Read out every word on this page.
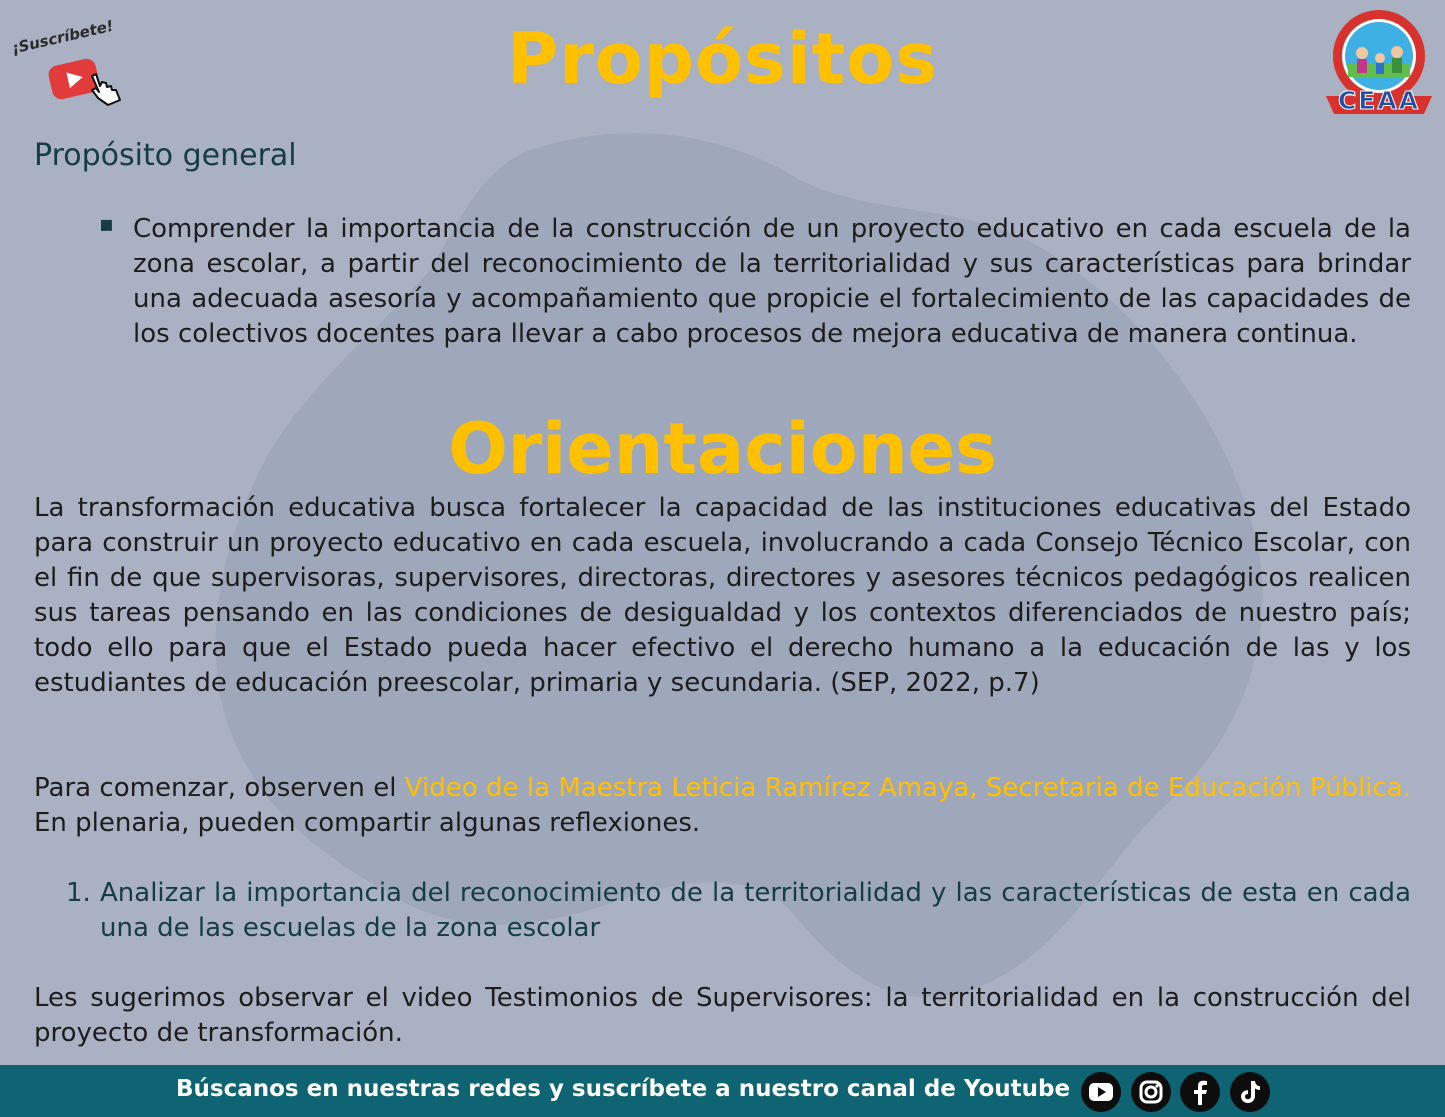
¡Suscríbete!	Propósitos
CEAA
Propósito general
▪ Comprender la importancia de la construcción de un proyecto educativo en cada escuela de la zona escolar, a partir del reconocimiento de la territorialidad y sus características para brindar una adecuada asesoría y acompañamiento que propicie el fortalecimiento de las capacidades de los colectivos docentes para llevar a cabo procesos de mejora educativa de manera continua.

Orientaciones

La transformación educativa busca fortalecer la capacidad de las instituciones educativas del Estado para construir un proyecto educativo en cada escuela, involucrando a cada Consejo Técnico Escolar, con el fin de que supervisoras, supervisores, directoras, directores y asesores técnicos pedagógicos realicen sus tareas pensando en las condiciones de desigualdad y los contextos diferenciados de nuestro país; todo ello para que el Estado pueda hacer efectivo el derecho humano a la educación de las y los estudiantes de educación preescolar, primaria y secundaria. (SEP, 2022, p.7)

Para comenzar, observen el Video de la Maestra Leticia Ramírez Amaya, Secretaria de Educación Pública. En plenaria, pueden compartir algunas reflexiones.

1. Analizar la importancia del reconocimiento de la territorialidad y las características de esta en cada una de las escuelas de la zona escolar

Les sugerimos observar el video Testimonios de Supervisores: la territorialidad en la construcción del proyecto de transformación.

Búscanos en nuestras redes y suscríbete a nuestro canal de Youtube
